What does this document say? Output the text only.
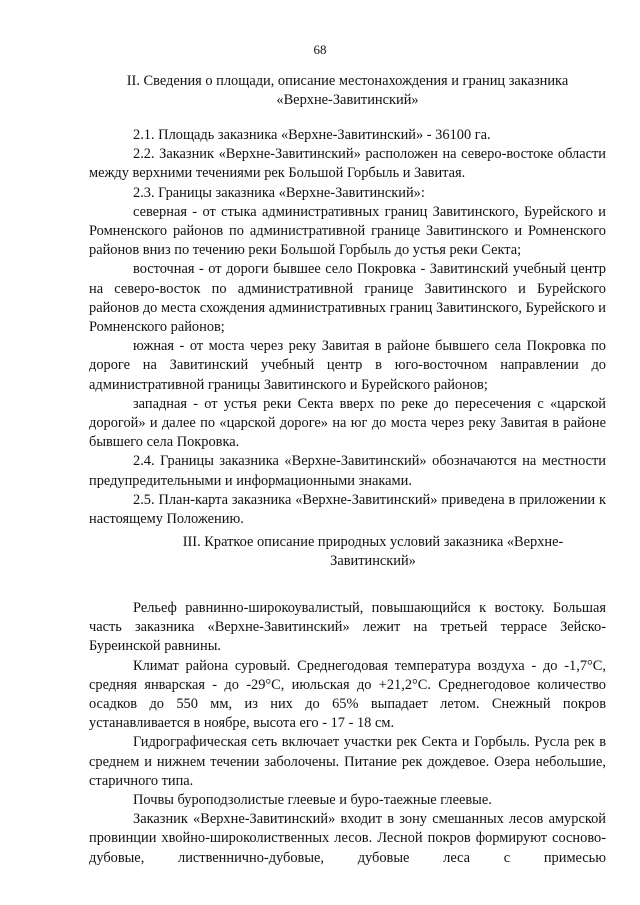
68
II. Сведения о площади, описание местонахождения и границ заказника
«Верхне-Завитинский»

2.1. Площадь заказника «Верхне-Завитинский» - 36100 га.

2.2. Заказник «Верхне-Завитинский» расположен на северо-востоке области между верхними течениями рек Большой Горбыль и Завитая.

2.3. Границы заказника «Верхне-Завитинский»:

северная - от стыка административных границ Завитинского, Бурейского и Ромненского районов по административной границе Завитинского и Ромненского районов вниз по течению реки Большой Горбыль до устья реки Секта;

восточная - от дороги бывшее село Покровка - Завитинский учебный центр на северо-восток по административной границе Завитинского и Бурейского районов до места схождения административных границ Завитинского, Бурейского и Ромненского районов;

южная - от моста через реку Завитая в районе бывшего села Покровка по дороге на Завитинский учебный центр в юго-восточном направлении до административной границы Завитинского и Бурейского районов;

западная - от устья реки Секта вверх по реке до пересечения с «царской дорогой» и далее по «царской дороге» на юг до моста через реку Завитая в районе бывшего села Покровка.

2.4. Границы заказника «Верхне-Завитинский» обозначаются на местности предупредительными и информационными знаками.

2.5. План-карта заказника «Верхне-Завитинский» приведена в приложении к настоящему Положению.

III. Краткое описание природных условий заказника «Верхне-
Завитинский»

Рельеф равнинно-широкоувалистый, повышающийся к востоку. Большая часть заказника «Верхне-Завитинский» лежит на третьей террасе Зейско-Буреинской равнины.

Климат района суровый. Среднегодовая температура воздуха - до -1,7°С, средняя январская - до -29°С, июльская до +21,2°С. Среднегодовое количество осадков до 550 мм, из них до 65% выпадает летом. Снежный покров устанавливается в ноябре, высота его - 17 - 18 см.

Гидрографическая сеть включает участки рек Секта и Горбыль. Русла рек в среднем и нижнем течении заболочены. Питание рек дождевое. Озера небольшие, старичного типа.

Почвы буроподзолистые глеевые и буро-таежные глеевые.

Заказник «Верхне-Завитинский» входит в зону смешанных лесов амурской провинции хвойно-широколиственных лесов. Лесной покров формируют сосново-дубовые, лиственнично-дубовые, дубовые леса с примесью
